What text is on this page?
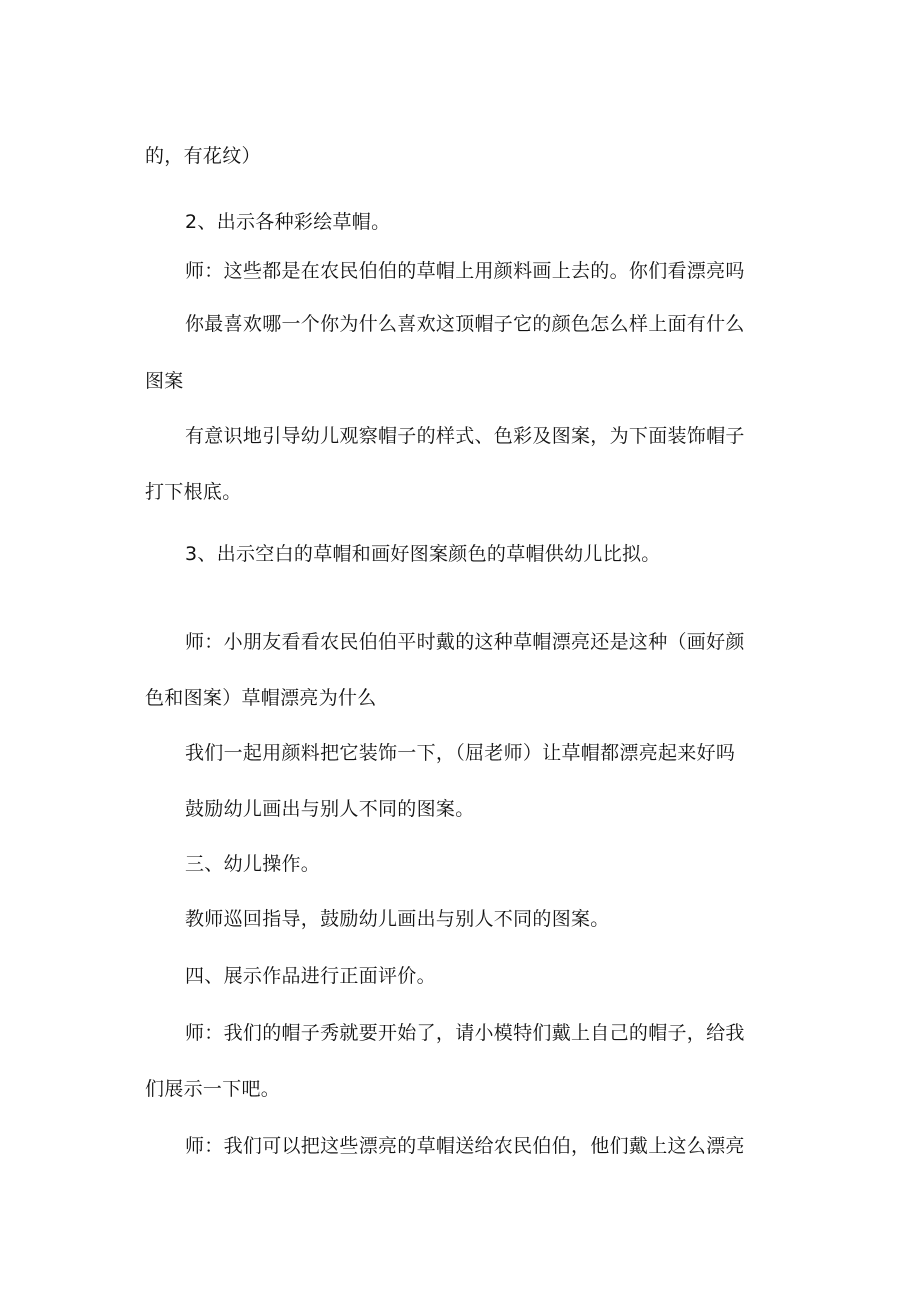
的，有花纹）
2、出示各种彩绘草帽。
师：这些都是在农民伯伯的草帽上用颜料画上去的。你们看漂亮吗
你最喜欢哪一个你为什么喜欢这顶帽子它的颜色怎么样上面有什么
图案
有意识地引导幼儿观察帽子的样式、色彩及图案，为下面装饰帽子
打下根底。
3、出示空白的草帽和画好图案颜色的草帽供幼儿比拟。
师：小朋友看看农民伯伯平时戴的这种草帽漂亮还是这种（画好颜
色和图案）草帽漂亮为什么
我们一起用颜料把它装饰一下，（屈老师）让草帽都漂亮起来好吗
鼓励幼儿画出与别人不同的图案。
三、幼儿操作。
教师巡回指导，鼓励幼儿画出与别人不同的图案。
四、展示作品进行正面评价。
师：我们的帽子秀就要开始了，请小模特们戴上自己的帽子，给我
们展示一下吧。
师：我们可以把这些漂亮的草帽送给农民伯伯，他们戴上这么漂亮
